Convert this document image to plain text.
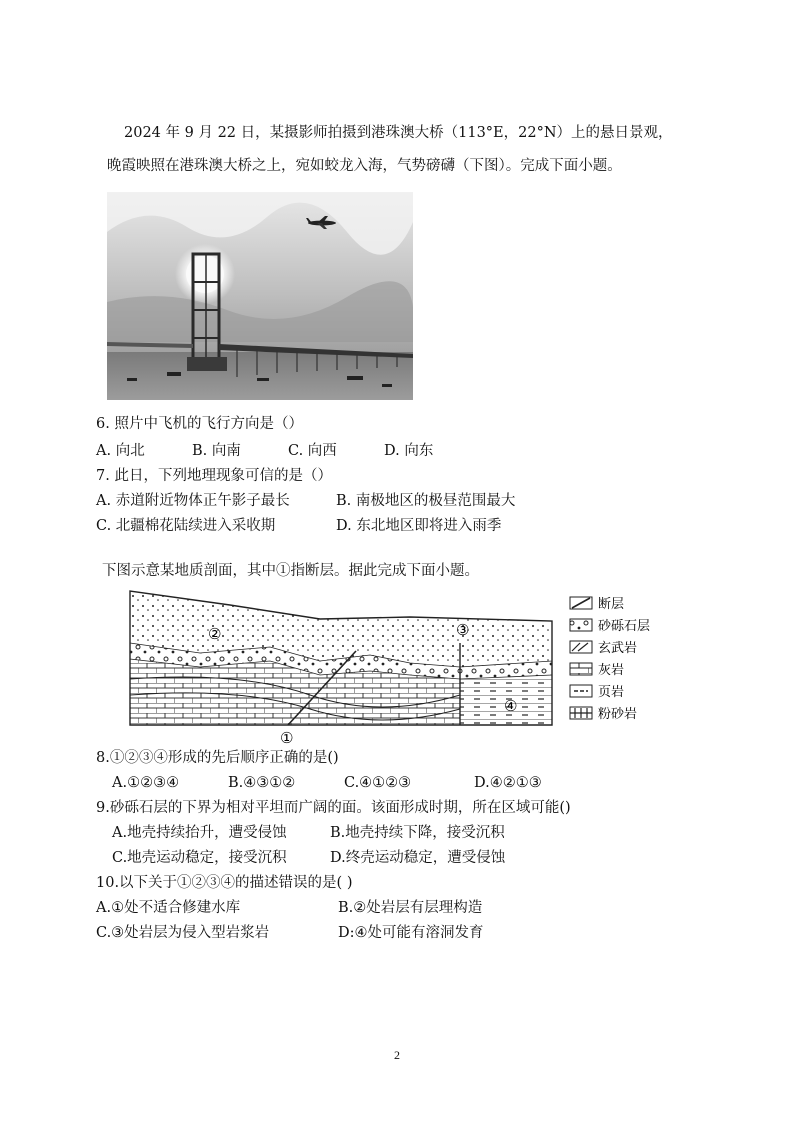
2024 年 9 月 22 日，某摄影师拍摄到港珠澳大桥（113°E，22°N）上的悬日景观，
晚霞映照在港珠澳大桥之上，宛如蛟龙入海，气势磅礴（下图）。完成下面小题。
6. 照片中飞机的飞行方向是（）
A. 向北	B. 向南	C. 向西	D. 向东
7. 此日，下列地理现象可信的是（）
A. 赤道附近物体正午影子最长	B. 南极地区的极昼范围最大
C. 北疆棉花陆续进入采收期	D. 东北地区即将进入雨季
下图示意某地质剖面，其中①指断层。据此完成下面小题。
②	③
④
①
断层
砂砾石层
玄武岩
灰岩
页岩
粉砂岩
8.①②③④形成的先后顺序正确的是()
A.①②③④	B.④③①②	C.④①②③	D.④②①③
9.砂砾石层的下界为相对平坦而广阔的面。该面形成时期，所在区域可能()
A.地壳持续抬升，遭受侵蚀	B.地壳持续下降，接受沉积
C.地壳运动稳定，接受沉积	D.终壳运动稳定，遭受侵蚀
10.以下关于①②③④的描述错误的是( )
A.①处不适合修建水库	B.②处岩层有层理构造
C.③处岩层为侵入型岩浆岩	D:④处可能有溶洞发育
2
